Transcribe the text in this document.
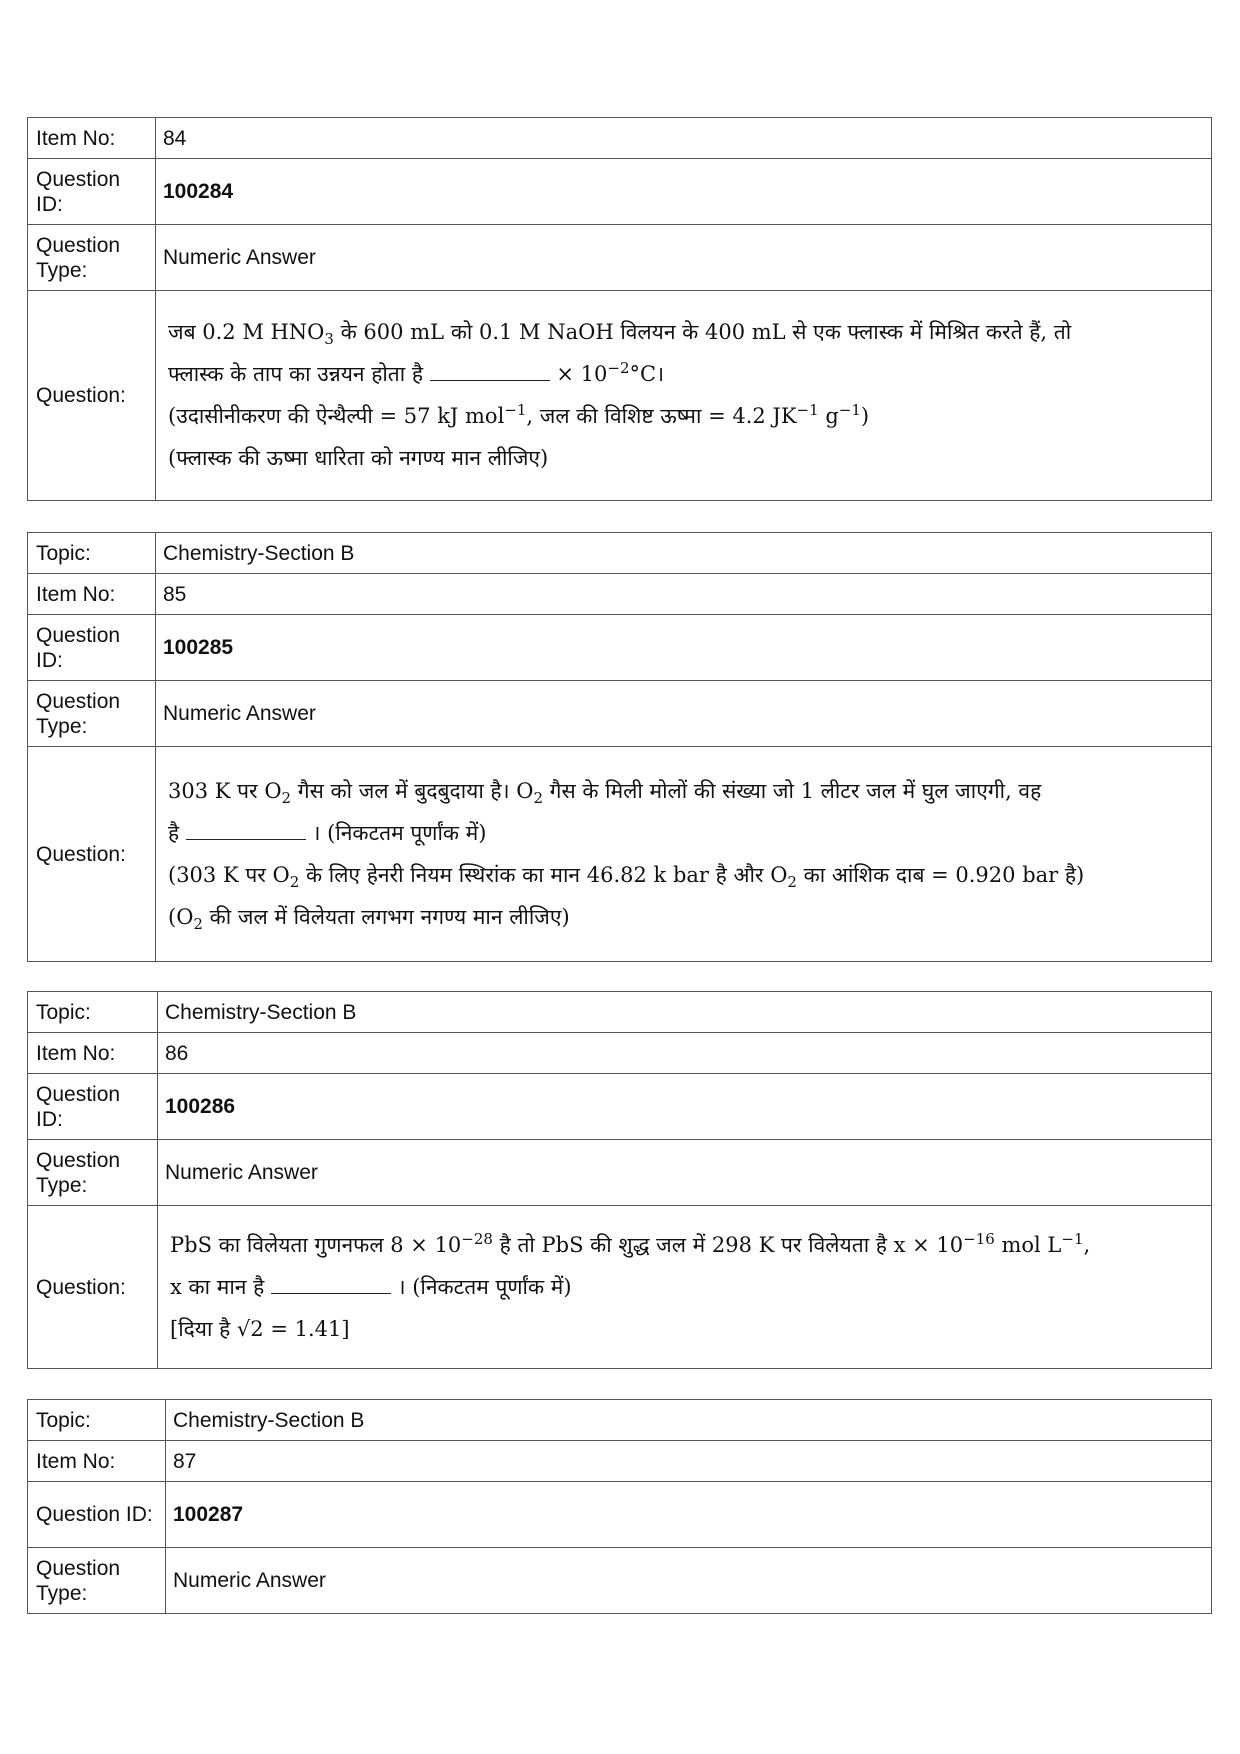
Item No:	84
Question ID:	100284
Question Type:	Numeric Answer
Question:	जब 0.2 M $HNO_3$ के 600 mL को 0.1 M NaOH विलयन के 400 mL से एक फ्लास्क में मिश्रित करते हैं, तो

फ्लास्क के ताप का उन्नयन होता है × $10^{-2}^\circ C।$

(उदासीनीकरण की ऐन्थैल्पी = 57 kJ mol$^{-1}$, जल की विशिष्ट ऊष्मा = 4.2 $JK^{-1}$ $g^{-1}$)

(फ्लास्क की ऊष्मा धारिता को नगण्य मान लीजिए)

Topic:	Chemistry-Section B
Item No:	85
Question ID:	100285
Question Type:	Numeric Answer
Question:	303 K पर $O_2$ गैस को जल में बुदबुदाया है। $O_2$ गैस के मिली मोलों की संख्या जो 1 लीटर जल में घुल जाएगी, वह

है । (निकटतम पूर्णांक में)

(303 K पर $O_2$ के लिए हेनरी नियम स्थिरांक का मान 46.82 k bar है और $O_2$ का आंशिक दाब = 0.920 bar है)

($O_2$ की जल में विलेयता लगभग नगण्य मान लीजिए)

Topic:	Chemistry-Section B
Item No:	86
Question ID:	100286
Question Type:	Numeric Answer
Question:	PbS का विलेयता गुणनफल $8 \times 10^{-28}$ है तो PbS की शुद्ध जल में 298 K पर विलेयता है $x \times 10^{-16}$ mol $L^{-1}$,

x का मान है । (निकटतम पूर्णांक में)

[दिया है √2 = 1.41]

Topic:	Chemistry-Section B
Item No:	87
Question ID:	100287
Question Type:	Numeric Answer
